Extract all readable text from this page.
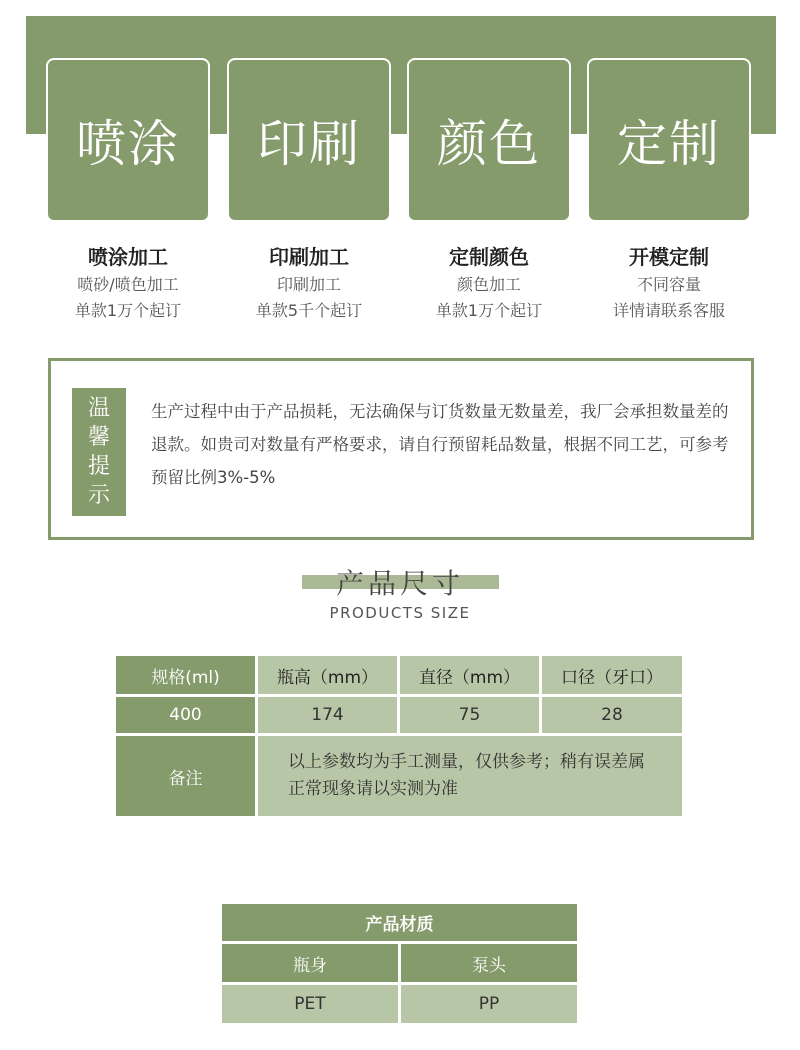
喷涂 印刷 颜色 定制
喷涂加工
喷砂/喷色加工
单款1万个起订
印刷加工
印刷加工
单款5千个起订
定制颜色
颜色加工
单款1万个起订
开模定制
不同容量
详情请联系客服
温
馨
提
示
生产过程中由于产品损耗，无法确保与订货数量无数量差，我厂会承担数量差的退款。如贵司对数量有严格要求，请自行预留耗品数量，根据不同工艺，可参考预留比例3%-5%
产品尺寸
PRODUCTS SIZE
规格(ml)	瓶高（mm）	直径（mm）	口径（牙口）
400	174	75	28
备注
以上参数均为手工测量，仅供参考；稍有误差属正常现象请以实测为准
产品材质
瓶身	泵头
PET	PP
